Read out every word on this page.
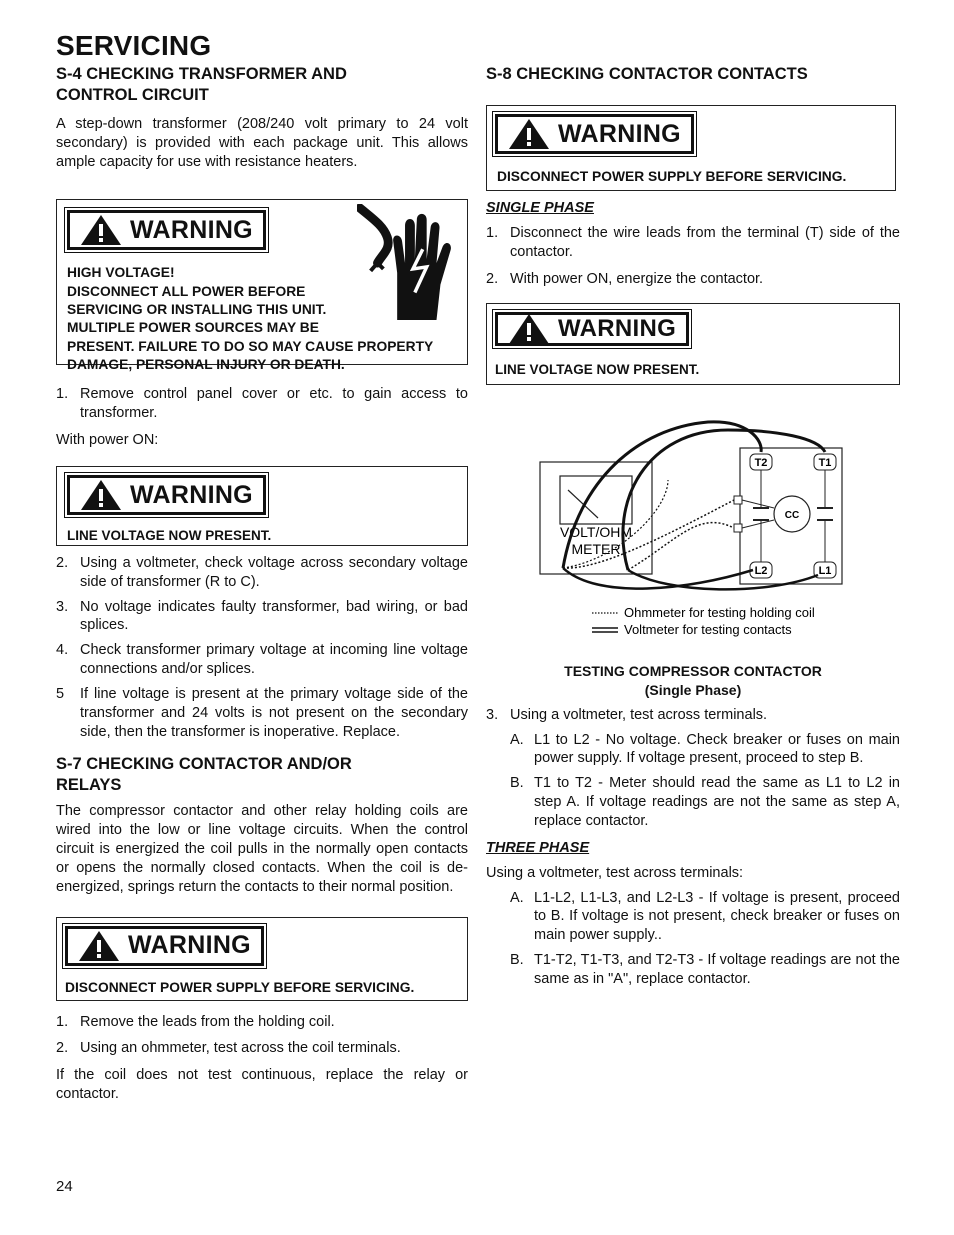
SERVICING
S-4 CHECKING TRANSFORMER AND
CONTROL CIRCUIT

A step-down transformer (208/240 volt primary to 24 volt secondary) is provided with each package unit. This allows ample capacity for use with resistance heaters.

WARNING
HIGH VOLTAGE!
DISCONNECT ALL POWER BEFORE
SERVICING OR INSTALLING THIS UNIT.
MULTIPLE POWER SOURCES MAY BE
PRESENT. FAILURE TO DO SO MAY CAUSE PROPERTY
DAMAGE, PERSONAL INJURY OR DEATH.
1. Remove control panel cover or etc. to gain access to transformer.

With power ON:

WARNING
LINE VOLTAGE NOW PRESENT.
2. Using a voltmeter, check voltage across secondary voltage side of transformer (R to C).
3. No voltage indicates faulty transformer, bad wiring, or bad splices.
4. Check transformer primary voltage at incoming line voltage connections and/or splices.
5	If line voltage is present at the primary voltage side of the transformer and 24 volts is not present on the secondary side, then the transformer is inoperative. Replace.
S-7 CHECKING CONTACTOR AND/OR
RELAYS

The compressor contactor and other relay holding coils are wired into the low or line voltage circuits. When the control circuit is energized the coil pulls in the normally open contacts or opens the normally closed contacts. When the coil is de-energized, springs return the contacts to their normal position.

WARNING
DISCONNECT POWER SUPPLY BEFORE SERVICING.
1. Remove the leads from the holding coil.
2. Using an ohmmeter, test across the coil terminals.

If the coil does not test continuous, replace the relay or contactor.

S-8 CHECKING CONTACTOR CONTACTS
WARNING
DISCONNECT POWER SUPPLY BEFORE SERVICING.
SINGLE PHASE
1. Disconnect the wire leads from the terminal (T) side of the contactor.
2. With power ON, energize the contactor.
WARNING
LINE VOLTAGE NOW PRESENT.
VOLT/OHM
METER
T2	T1
L2	L1
CC
Ohmmeter for testing holding coil
Voltmeter for testing contacts
TESTING COMPRESSOR CONTACTOR
(Single Phase)
3. Using a voltmeter, test across terminals.
A. L1 to L2 - No voltage. Check breaker or fuses on main power supply. If voltage present, proceed to step B.
B. T1 to T2 - Meter should read the same as L1 to L2 in step A. If voltage readings are not the same as step A, replace contactor.
THREE PHASE

Using a voltmeter, test across terminals:

A. L1-L2, L1-L3, and L2-L3 - If voltage is present, proceed to B. If voltage is not present, check breaker or fuses on main power supply..
B. T1-T2, T1-T3, and T2-T3 - If voltage readings are not the same as in "A", replace contactor.
24
